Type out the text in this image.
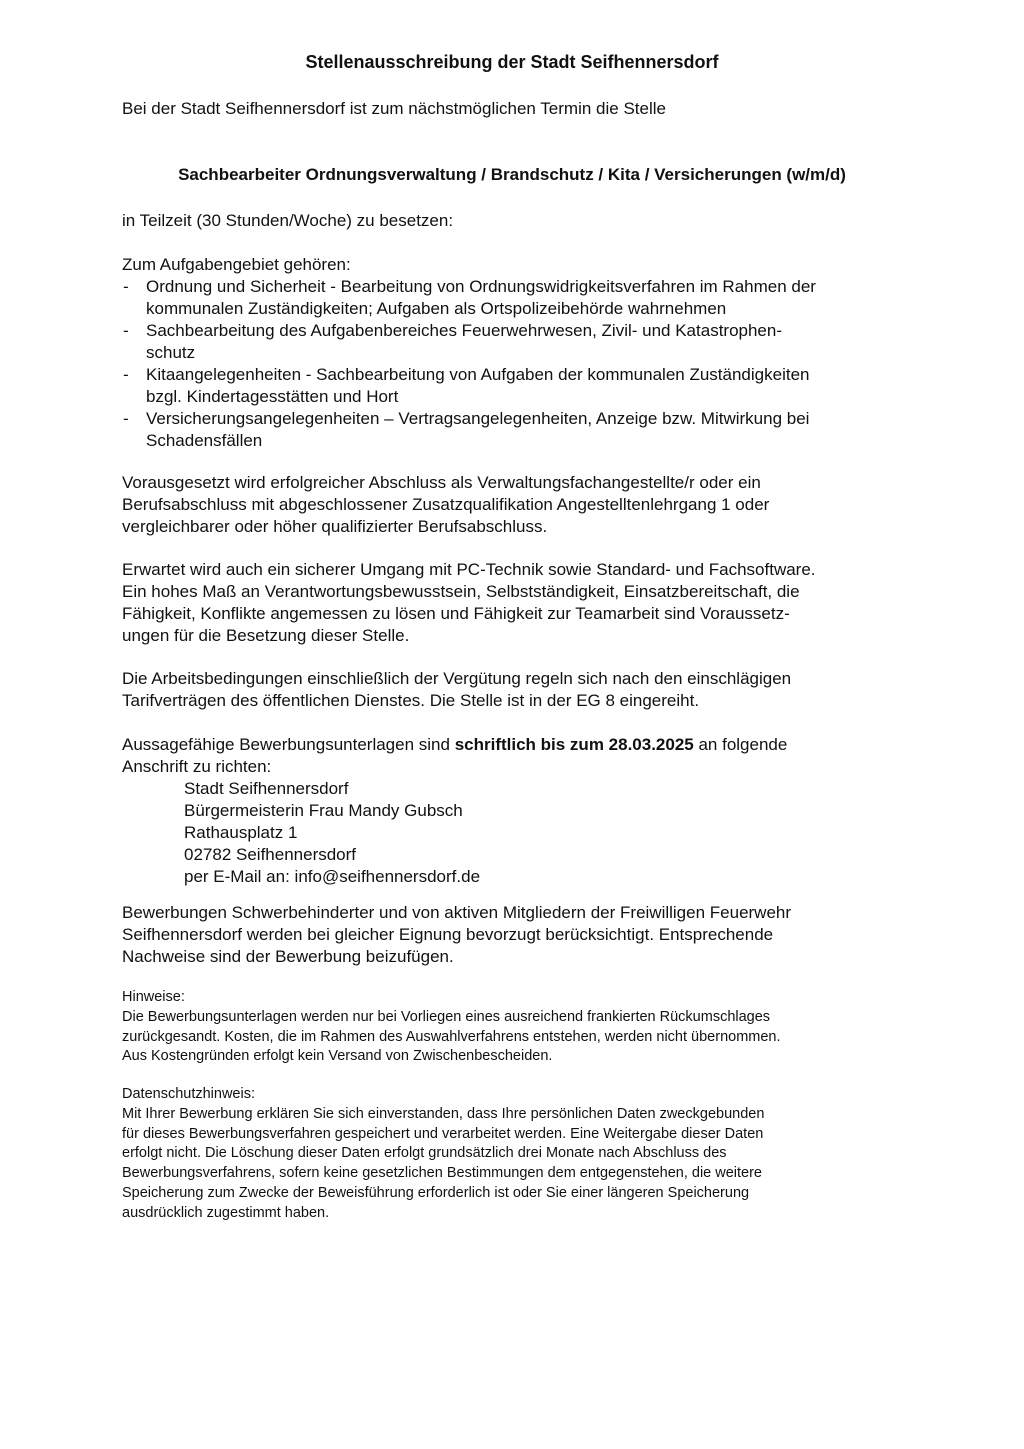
Stellenausschreibung der Stadt Seifhennersdorf

Bei der Stadt Seifhennersdorf ist zum nächstmöglichen Termin die Stelle

Sachbearbeiter Ordnungsverwaltung / Brandschutz / Kita / Versicherungen (w/m/d)

in Teilzeit (30 Stunden/Woche) zu besetzen:

Zum Aufgabengebiet gehören:

- Ordnung und Sicherheit - Bearbeitung von Ordnungswidrigkeitsverfahren im Rahmen der
kommunalen Zuständigkeiten; Aufgaben als Ortspolizeibehörde wahrnehmen
- Sachbearbeitung des Aufgabenbereiches Feuerwehrwesen, Zivil- und Katastrophen-
schutz
- Kitaangelegenheiten - Sachbearbeitung von Aufgaben der kommunalen Zuständigkeiten
bzgl. Kindertagesstätten und Hort
- Versicherungsangelegenheiten – Vertragsangelegenheiten, Anzeige bzw. Mitwirkung bei
Schadensfällen
Vorausgesetzt wird erfolgreicher Abschluss als Verwaltungsfachangestellte/r oder ein
Berufsabschluss mit abgeschlossener Zusatzqualifikation Angestelltenlehrgang 1 oder
vergleichbarer oder höher qualifizierter Berufsabschluss.
Erwartet wird auch ein sicherer Umgang mit PC-Technik sowie Standard- und Fachsoftware.
Ein hohes Maß an Verantwortungsbewusstsein, Selbstständigkeit, Einsatzbereitschaft, die
Fähigkeit, Konflikte angemessen zu lösen und Fähigkeit zur Teamarbeit sind Voraussetz-
ungen für die Besetzung dieser Stelle.
Die Arbeitsbedingungen einschließlich der Vergütung regeln sich nach den einschlägigen
Tarifverträgen des öffentlichen Dienstes. Die Stelle ist in der EG 8 eingereiht.
Aussagefähige Bewerbungsunterlagen sind schriftlich bis zum 28.03.2025 an folgende
Anschrift zu richten:
Stadt Seifhennersdorf
Bürgermeisterin Frau Mandy Gubsch
Rathausplatz 1
02782 Seifhennersdorf
per E-Mail an: info@seifhennersdorf.de
Bewerbungen Schwerbehinderter und von aktiven Mitgliedern der Freiwilligen Feuerwehr
Seifhennersdorf werden bei gleicher Eignung bevorzugt berücksichtigt. Entsprechende
Nachweise sind der Bewerbung beizufügen.
Hinweise:
Die Bewerbungsunterlagen werden nur bei Vorliegen eines ausreichend frankierten Rückumschlages
zurückgesandt. Kosten, die im Rahmen des Auswahlverfahrens entstehen, werden nicht übernommen.
Aus Kostengründen erfolgt kein Versand von Zwischenbescheiden.
Datenschutzhinweis:
Mit Ihrer Bewerbung erklären Sie sich einverstanden, dass Ihre persönlichen Daten zweckgebunden
für dieses Bewerbungsverfahren gespeichert und verarbeitet werden. Eine Weitergabe dieser Daten
erfolgt nicht. Die Löschung dieser Daten erfolgt grundsätzlich drei Monate nach Abschluss des
Bewerbungsverfahrens, sofern keine gesetzlichen Bestimmungen dem entgegenstehen, die weitere
Speicherung zum Zwecke der Beweisführung erforderlich ist oder Sie einer längeren Speicherung
ausdrücklich zugestimmt haben.
